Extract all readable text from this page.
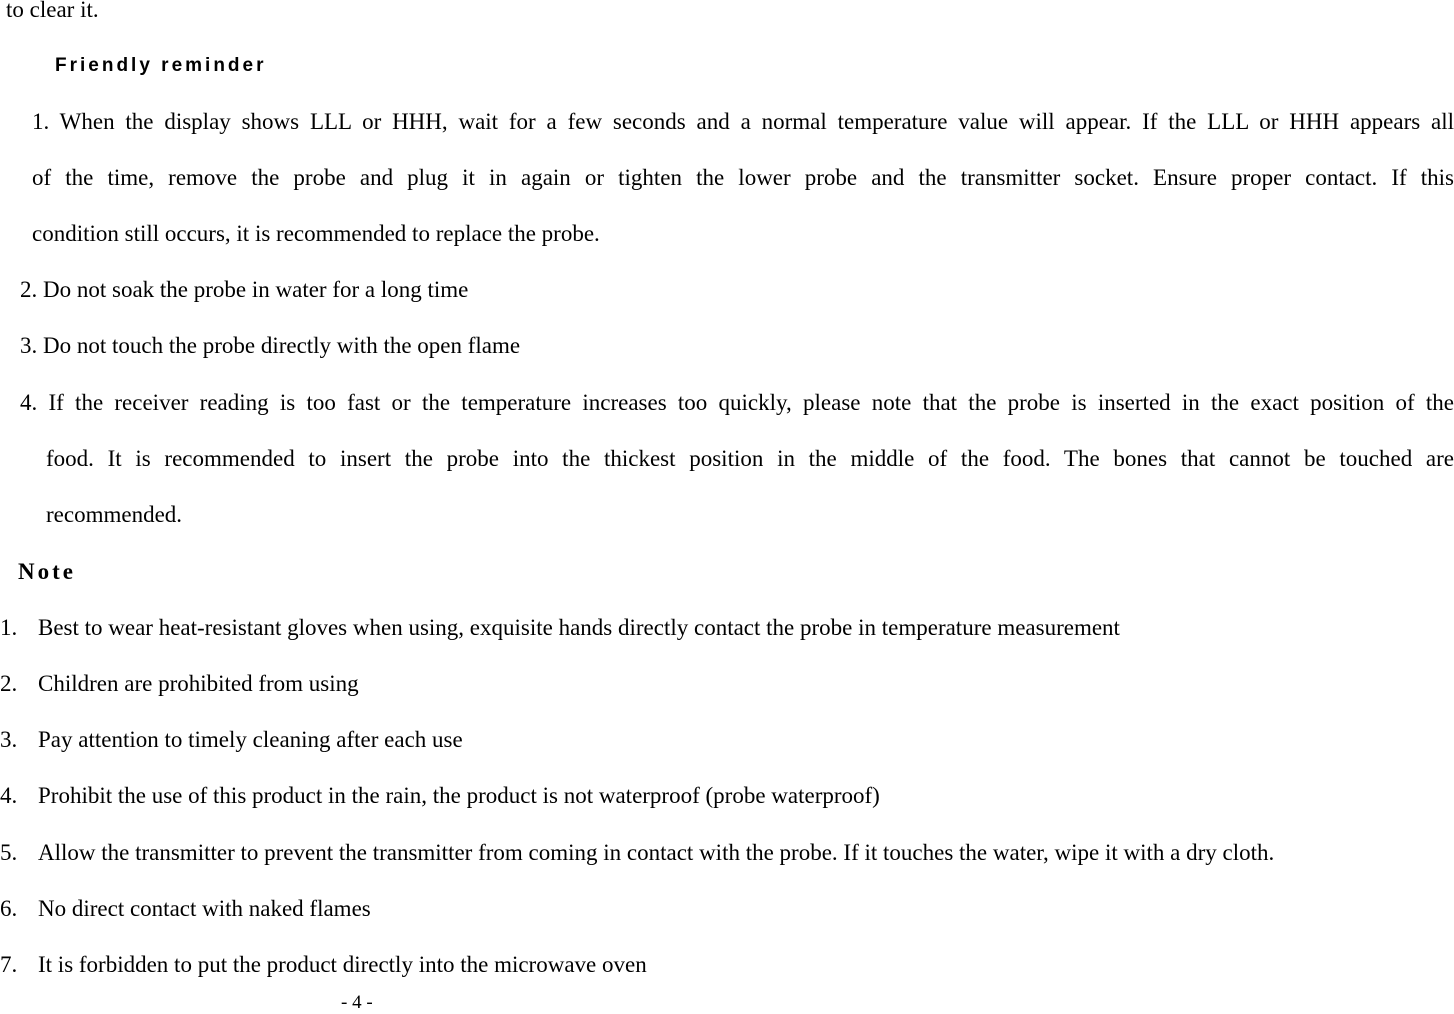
to clear it.
Friendly reminder
1. When the display shows LLL or HHH, wait for a few seconds and a normal temperature value will appear. If the LLL or HHH appears all
of the time, remove the probe and plug it in again or tighten the lower probe and the transmitter socket. Ensure proper contact. If this
condition still occurs, it is recommended to replace the probe.
2. Do not soak the probe in water for a long time
3. Do not touch the probe directly with the open flame
4. If the receiver reading is too fast or the temperature increases too quickly, please note that the probe is inserted in the exact position of the
food. It is recommended to insert the probe into the thickest position in the middle of the food. The bones that cannot be touched are
recommended.
Note
1. Best to wear heat-resistant gloves when using, exquisite hands directly contact the probe in temperature measurement
2. Children are prohibited from using
3. Pay attention to timely cleaning after each use
4. Prohibit the use of this product in the rain, the product is not waterproof (probe waterproof)
5. Allow the transmitter to prevent the transmitter from coming in contact with the probe. If it touches the water, wipe it with a dry cloth.
6. No direct contact with naked flames
7. It is forbidden to put the product directly into the microwave oven
- 4 -
